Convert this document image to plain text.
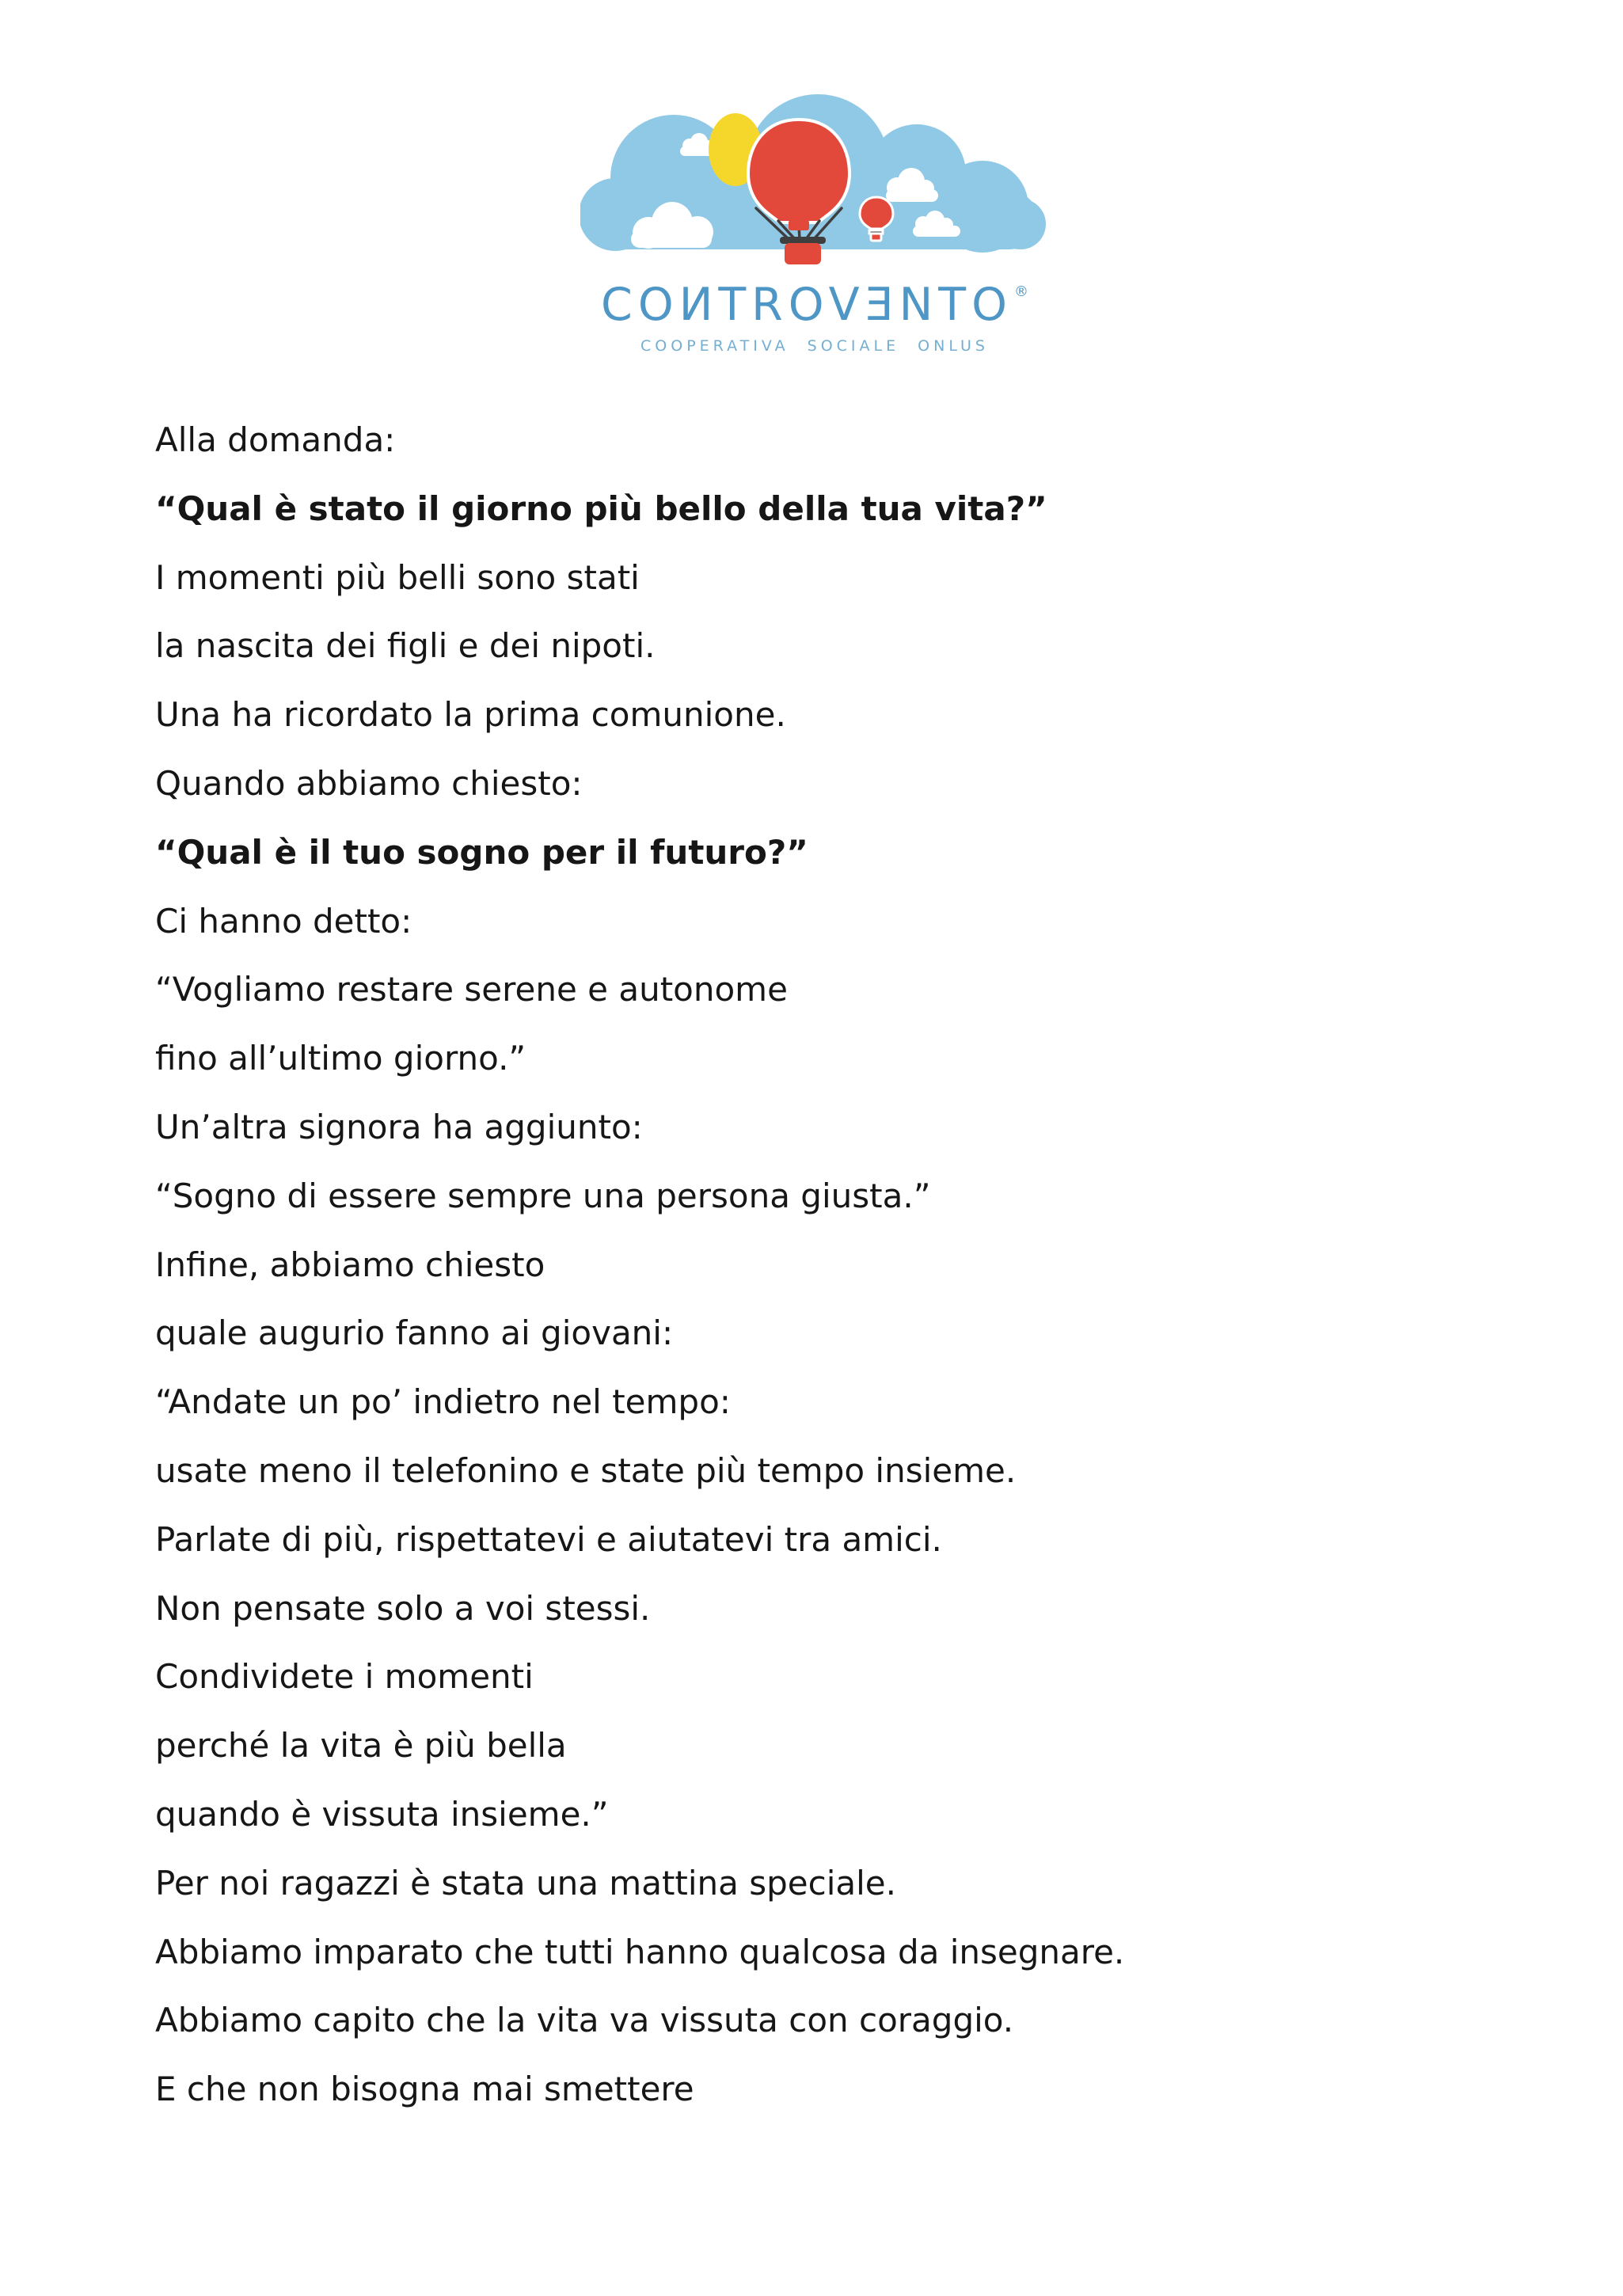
COИTROVƎNTO ®
COOPERATIVA SOCIALE ONLUS

Alla domanda:

“Qual è stato il giorno più bello della tua vita?”

I momenti più belli sono stati

la nascita dei figli e dei nipoti.

Una ha ricordato la prima comunione.

Quando abbiamo chiesto:

“Qual è il tuo sogno per il futuro?”

Ci hanno detto:

“Vogliamo restare serene e autonome

fino all’ultimo giorno.”

Un’altra signora ha aggiunto:

“Sogno di essere sempre una persona giusta.”

Infine, abbiamo chiesto

quale augurio fanno ai giovani:

“Andate un po’ indietro nel tempo:

usate meno il telefonino e state più tempo insieme.

Parlate di più, rispettatevi e aiutatevi tra amici.

Non pensate solo a voi stessi.

Condividete i momenti

perché la vita è più bella

quando è vissuta insieme.”

Per noi ragazzi è stata una mattina speciale.

Abbiamo imparato che tutti hanno qualcosa da insegnare.

Abbiamo capito che la vita va vissuta con coraggio.

E che non bisogna mai smettere
